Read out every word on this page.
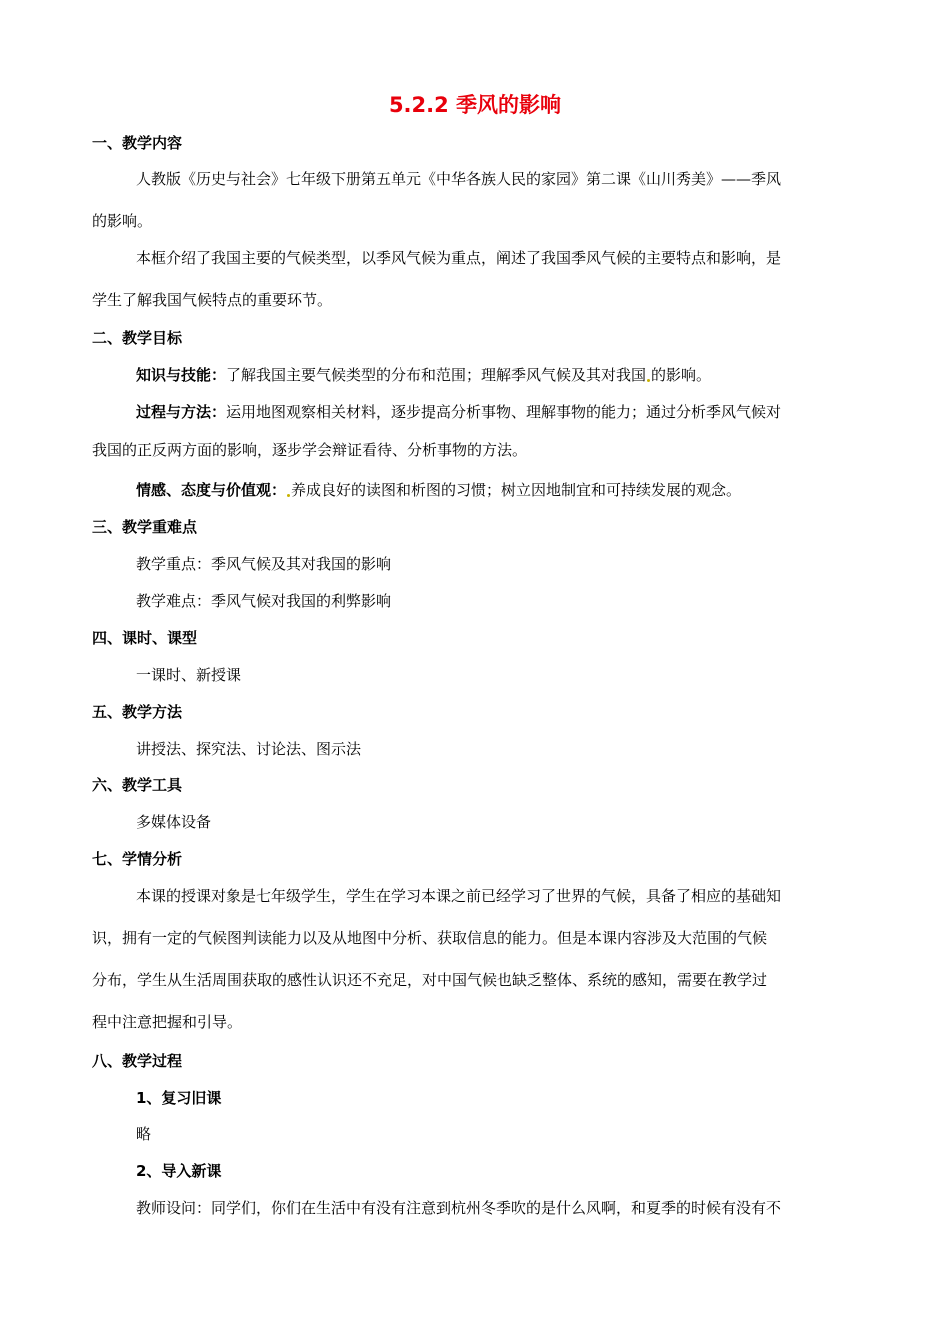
5.2.2 季风的影响
一、教学内容
人教版《历史与社会》七年级下册第五单元《中华各族人民的家园》第二课《山川秀美》——季风
的影响。
本框介绍了我国主要的气候类型，以季风气候为重点，阐述了我国季风气候的主要特点和影响，是
学生了解我国气候特点的重要环节。
二、教学目标
知识与技能：了解我国主要气候类型的分布和范围；理解季风气候及其对我国 的影响。
过程与方法：运用地图观察相关材料，逐步提高分析事物、理解事物的能力；通过分析季风气候对
我国的正反两方面的影响，逐步学会辩证看待、分析事物的方法。
情感、态度与价值观： 养成良好的读图和析图的习惯；树立因地制宜和可持续发展的观念。
三、教学重难点
教学重点：季风气候及其对我国的影响
教学难点：季风气候对我国的利弊影响
四、课时、课型
一课时、新授课
五、教学方法
讲授法、探究法、讨论法、图示法
六、教学工具
多媒体设备
七、学情分析
本课的授课对象是七年级学生，学生在学习本课之前已经学习了世界的气候，具备了相应的基础知
识，拥有一定的气候图判读能力以及从地图中分析、获取信息的能力。但是本课内容涉及大范围的气候
分布，学生从生活周围获取的感性认识还不充足，对中国气候也缺乏整体、系统的感知，需要在教学过
程中注意把握和引导。
八、教学过程
1、复习旧课
略
2、导入新课
教师设问：同学们，你们在生活中有没有注意到杭州冬季吹的是什么风啊，和夏季的时候有没有不
